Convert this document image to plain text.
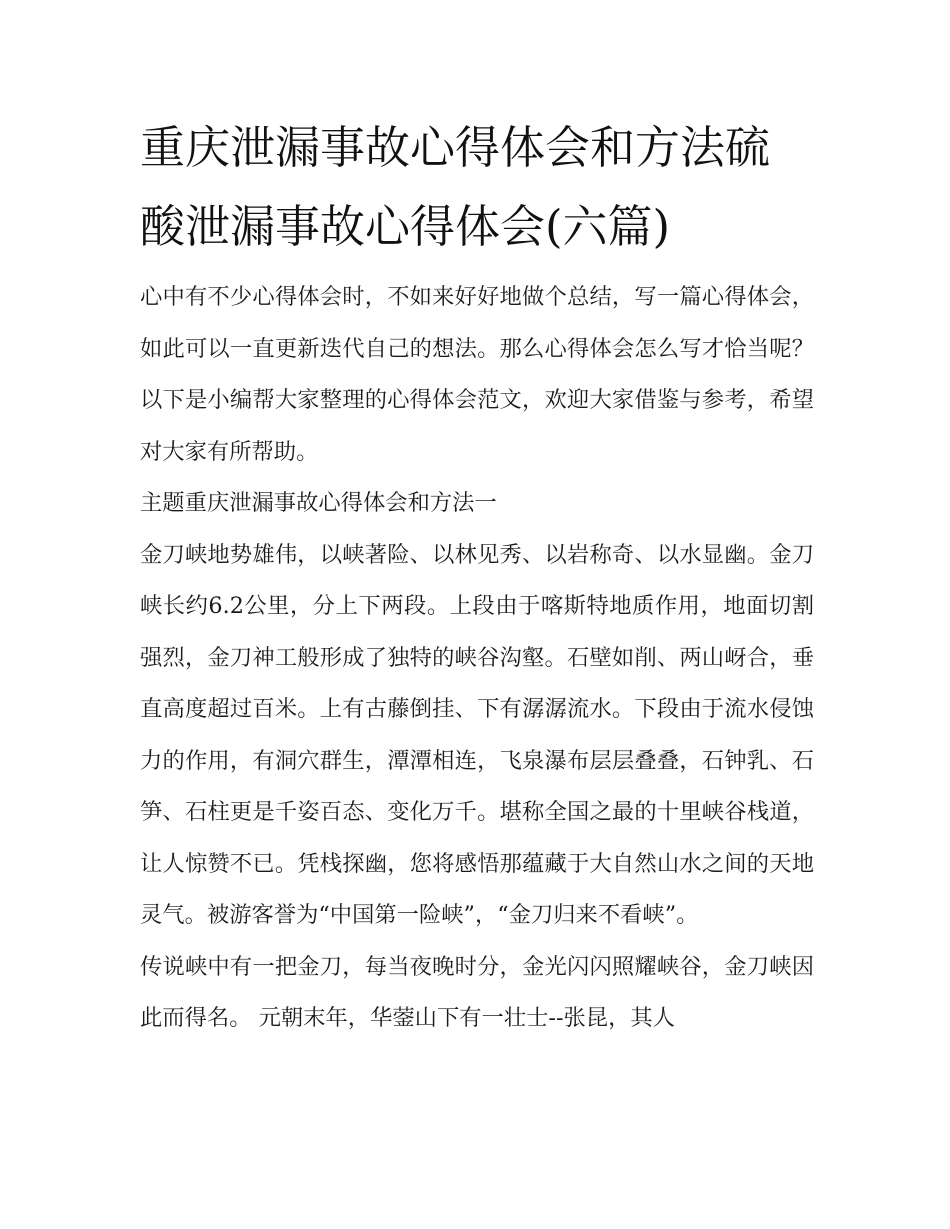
重庆泄漏事故心得体会和方法硫酸泄漏事故心得体会(六篇)

心中有不少心得体会时，不如来好好地做个总结，写一篇心得体会，如此可以一直更新迭代自己的想法。那么心得体会怎么写才恰当呢？以下是小编帮大家整理的心得体会范文，欢迎大家借鉴与参考，希望对大家有所帮助。

主题重庆泄漏事故心得体会和方法一

金刀峡地势雄伟，以峡著险、以林见秀、以岩称奇、以水显幽。金刀峡长约6.2公里，分上下两段。上段由于喀斯特地质作用，地面切割强烈，金刀神工般形成了独特的峡谷沟壑。石壁如削、两山岈合，垂直高度超过百米。上有古藤倒挂、下有潺潺流水。下段由于流水侵蚀力的作用，有洞穴群生，潭潭相连，飞泉瀑布层层叠叠，石钟乳、石笋、石柱更是千姿百态、变化万千。堪称全国之最的十里峡谷栈道，让人惊赞不已。凭栈探幽，您将感悟那蕴藏于大自然山水之间的天地灵气。被游客誉为“中国第一险峡”，“金刀归来不看峡”。

传说峡中有一把金刀，每当夜晚时分，金光闪闪照耀峡谷，金刀峡因此而得名。 元朝末年，华蓥山下有一壮士--张昆，其人
